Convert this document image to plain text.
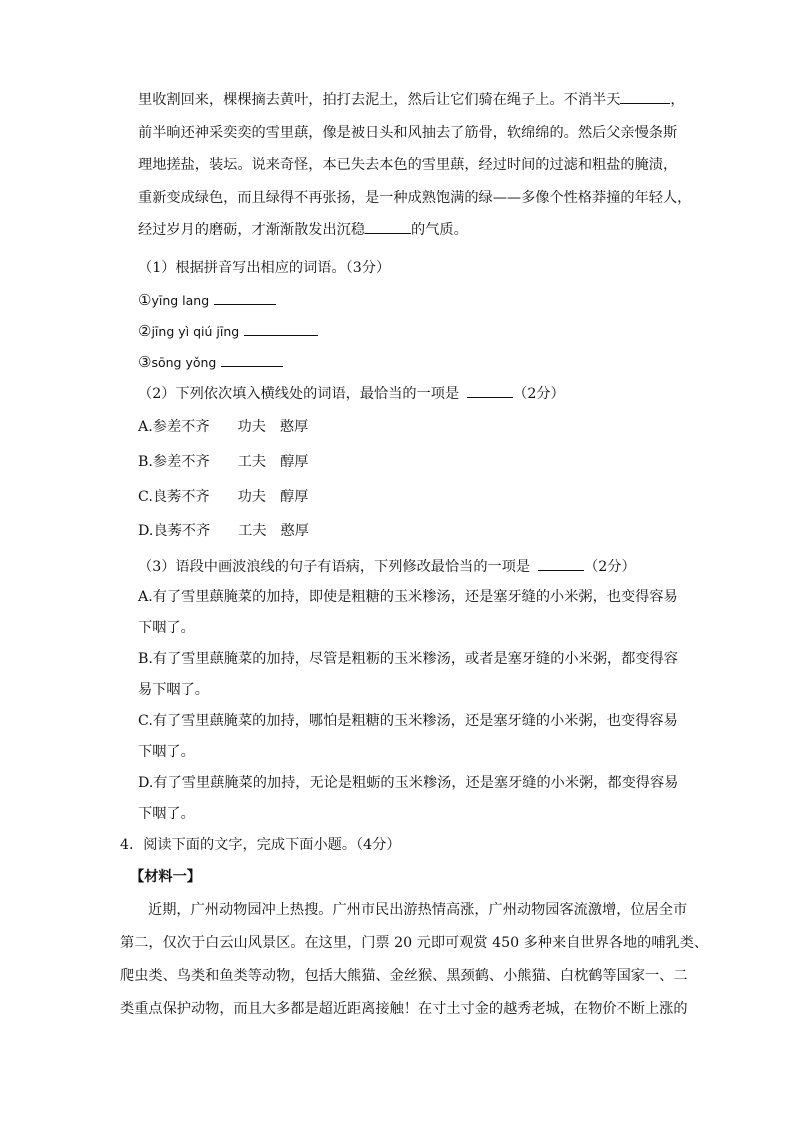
里收割回来，棵棵摘去黄叶，拍打去泥土，然后让它们骑在绳子上。不消半天	，
前半晌还神采奕奕的雪里蕻，像是被日头和风抽去了筋骨，软绵绵的。然后父亲慢条斯
理地搓盐，装坛。说来奇怪，本已失去本色的雪里蕻，经过时间的过滤和粗盐的腌渍，
重新变成绿色，而且绿得不再张扬，是一种成熟饱满的绿——多像个性格莽撞的年轻人，
经过岁月的磨砺，才渐渐散发出沉稳	的气质。
（1）根据拼音写出相应的词语。（3分）
①yīng lang
②jīng yì qiú jīng
③sōng yǒng
（2）下列依次填入横线处的词语，最恰当的一项是	（2分）
A.参差不齐 功夫 憨厚
B.参差不齐 工夫 醇厚
C.良莠不齐 功夫 醇厚
D.良莠不齐 工夫 憨厚
（3）语段中画波浪线的句子有语病，下列修改最恰当的一项是	（2分）
A.有了雪里蕻腌菜的加持，即使是粗糖的玉米糁汤，还是塞牙缝的小米粥，也变得容易
下咽了。
B.有了雪里蕻腌菜的加持，尽管是粗粝的玉米糁汤，或者是塞牙缝的小米粥，都变得容
易下咽了。
C.有了雪里蕻腌菜的加持，哪怕是粗糖的玉米糁汤，还是塞牙缝的小米粥，也变得容易
下咽了。
D.有了雪里蕻腌菜的加持，无论是粗蛎的玉米糁汤，还是塞牙缝的小米粥，都变得容易
下咽了。
4．阅读下面的文字，完成下面小题。（4分）
【材料一】
近期，广州动物园冲上热搜。广州市民出游热情高涨，广州动物园客流激增，位居全市
第二，仅次于白云山风景区。在这里，门票 20 元即可观赏 450 多种来自世界各地的哺乳类、
爬虫类、鸟类和鱼类等动物，包括大熊猫、金丝猴、黑颈鹤、小熊猫、白枕鹤等国家一、二
类重点保护动物，而且大多都是超近距离接触！在寸土寸金的越秀老城，在物价不断上涨的
